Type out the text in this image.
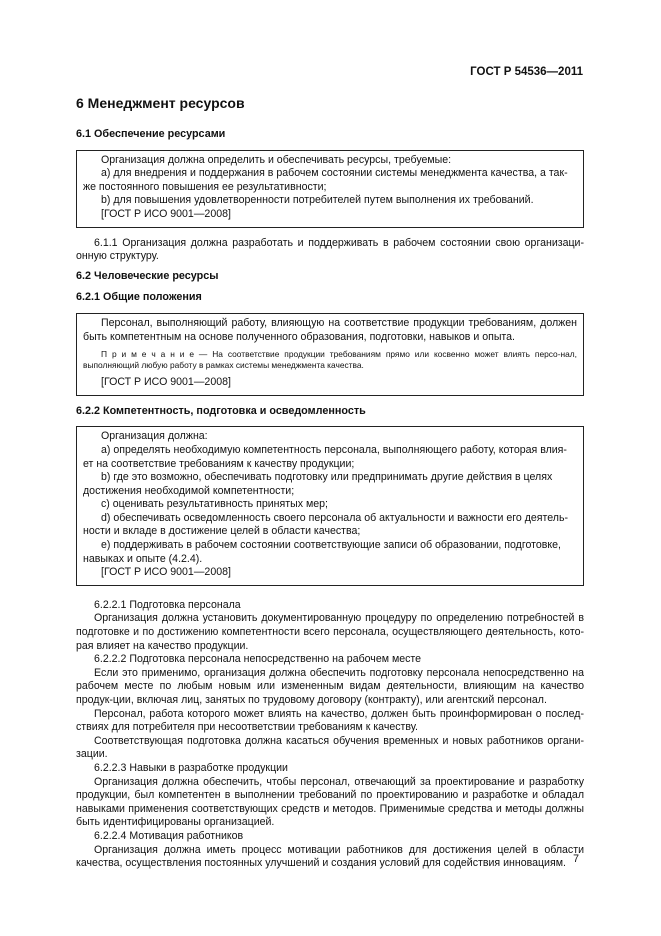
ГОСТ Р 54536—2011
6 Менеджмент ресурсов
6.1 Обеспечение ресурсами
Организация должна определить и обеспечивать ресурсы, требуемые:
а) для внедрения и поддержания в рабочем состоянии системы менеджмента качества, а так-
же постоянного повышения ее результативности;
b) для повышения удовлетворенности потребителей путем выполнения их требований.
[ГОСТ Р ИСО 9001—2008]

6.1.1 Организация должна разработать и поддерживать в рабочем состоянии свою организаци-онную структуру.

6.2 Человеческие ресурсы
6.2.1 Общие положения

Персонал, выполняющий работу, влияющую на соответствие продукции требованиям, должен быть компетентным на основе полученного образования, подготовки, навыков и опыта.

П р и м е ч а н и е — На соответствие продукции требованиям прямо или косвенно может влиять персо-нал, выполняющий любую работу в рамках системы менеджмента качества.

[ГОСТ Р ИСО 9001—2008]
6.2.2 Компетентность, подготовка и осведомленность
Организация должна:
а) определять необходимую компетентность персонала, выполняющего работу, которая влия-
ет на соответствие требованиям к качеству продукции;
b) где это возможно, обеспечивать подготовку или предпринимать другие действия в целях
достижения необходимой компетентности;
c) оценивать результативность принятых мер;
d) обеспечивать осведомленность своего персонала об актуальности и важности его деятель-
ности и вкладе в достижение целей в области качества;
e) поддерживать в рабочем состоянии соответствующие записи об образовании, подготовке,
навыках и опыте (4.2.4).
[ГОСТ Р ИСО 9001—2008]

6.2.2.1 Подготовка персонала

Организация должна установить документированную процедуру по определению потребностей в подготовке и по достижению компетентности всего персонала, осуществляющего деятельность, кото-рая влияет на качество продукции.

6.2.2.2 Подготовка персонала непосредственно на рабочем месте

Если это применимо, организация должна обеспечить подготовку персонала непосредственно на рабочем месте по любым новым или измененным видам деятельности, влияющим на качество продук-ции, включая лиц, занятых по трудовому договору (контракту), или агентский персонал.

Персонал, работа которого может влиять на качество, должен быть проинформирован о послед-ствиях для потребителя при несоответствии требованиям к качеству.

Соответствующая подготовка должна касаться обучения временных и новых работников органи-зации.

6.2.2.3 Навыки в разработке продукции

Организация должна обеспечить, чтобы персонал, отвечающий за проектирование и разработку продукции, был компетентен в выполнении требований по проектированию и разработке и обладал навыками применения соответствующих средств и методов. Применимые средства и методы должны быть идентифицированы организацией.

6.2.2.4 Мотивация работников

Организация должна иметь процесс мотивации работников для достижения целей в области качества, осуществления постоянных улучшений и создания условий для содействия инновациям. 7
